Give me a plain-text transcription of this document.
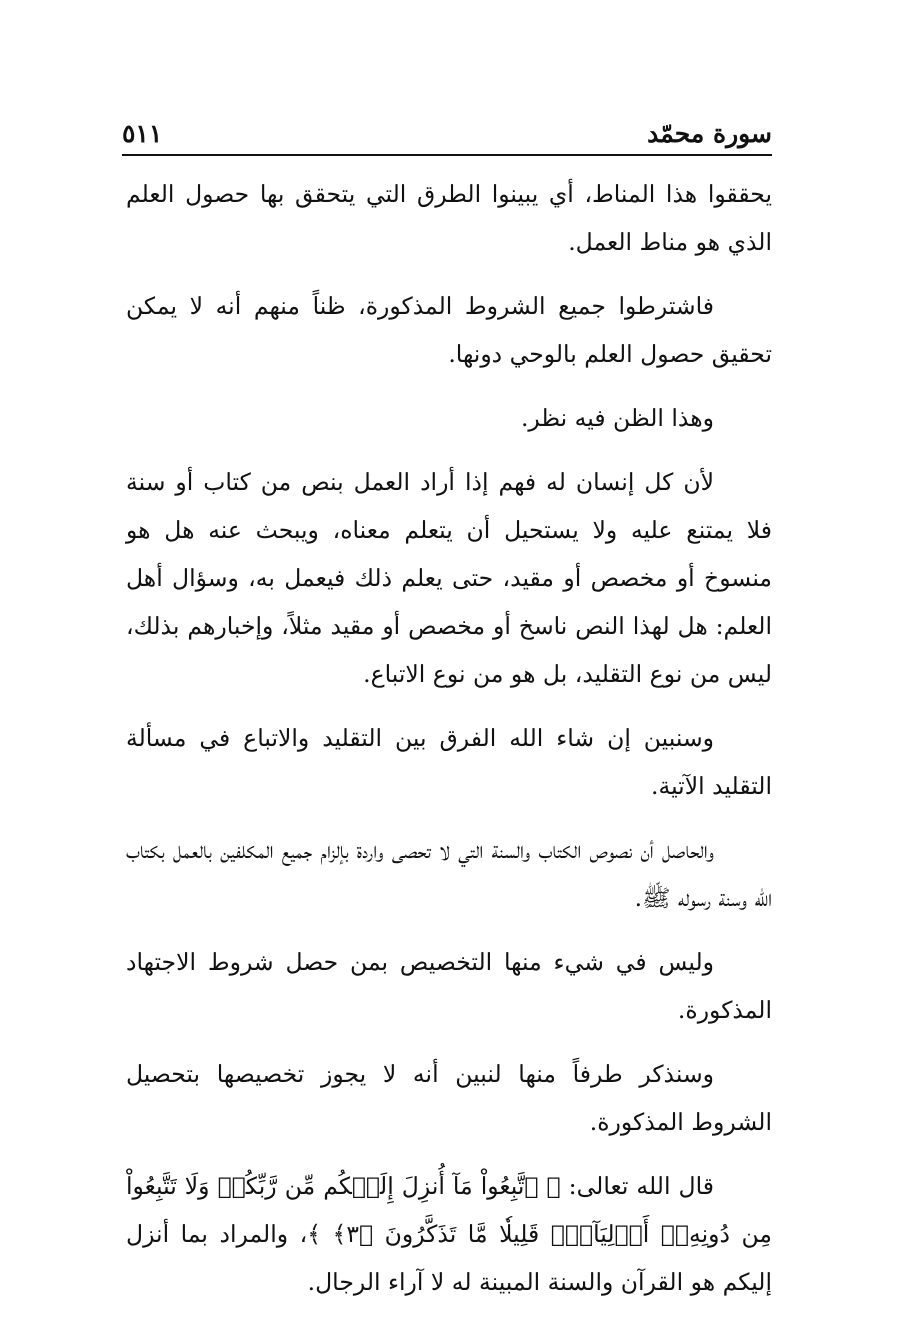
سورة محمّد
٥١١

يحققوا هذا المناط، أي يبينوا الطرق التي يتحقق بها حصول العلم الذي هو مناط العمل.

فاشترطوا جميع الشروط المذكورة، ظناً منهم أنه لا يمكن تحقيق حصول العلم بالوحي دونها.

وهذا الظن فيه نظر.

لأن كل إنسان له فهم إذا أراد العمل بنص من كتاب أو سنة فلا يمتنع عليه ولا يستحيل أن يتعلم معناه، ويبحث عنه هل هو منسوخ أو مخصص أو مقيد، حتى يعلم ذلك فيعمل به، وسؤال أهل العلم: هل لهذا النص ناسخ أو مخصص أو مقيد مثلاً، وإخبارهم بذلك، ليس من نوع التقليد، بل هو من نوع الاتباع.

وسنبين إن شاء الله الفرق بين التقليد والاتباع في مسألة التقليد الآتية.

والحاصل أن نصوص الكتاب والسنة التي لا تحصى واردة بإلزام جميع المكلفين بالعمل بكتاب الله وسنة رسوله ﷺ.

وليس في شيء منها التخصيص بمن حصل شروط الاجتهاد المذكورة.

وسنذكر طرفاً منها لنبين أنه لا يجوز تخصيصها بتحصيل الشروط المذكورة.

قال الله تعالى: ﴿ ٱتَّبِعُواْ مَآ أُنزِلَ إِلَيۡكُم مِّن رَّبِّكُمۡ وَلَا تَتَّبِعُواْ مِن دُونِهِۦٓ أَوۡلِيَآءَۗ قَلِيلٗا مَّا تَذَكَّرُونَ ﴿٣﴾ ﴾، والمراد بما أنزل إليكم هو القرآن والسنة المبينة له لا آراء الرجال.
